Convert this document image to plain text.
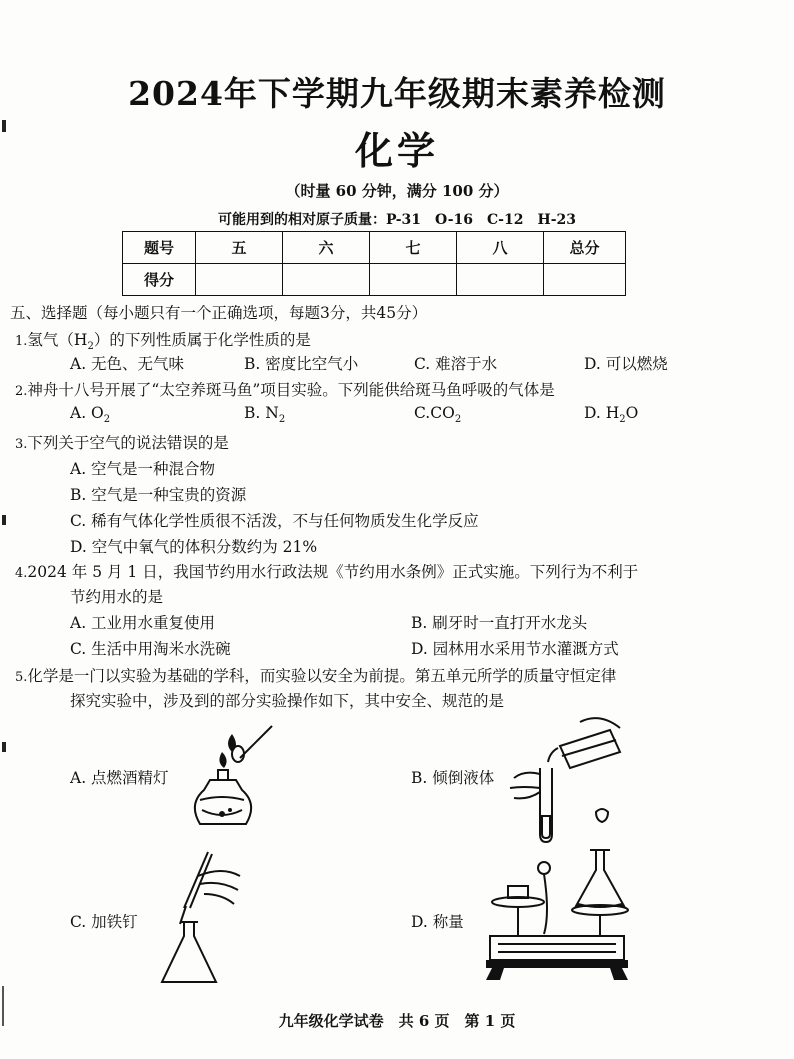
2024年下学期九年级期末素养检测
化学
（时量 60 分钟，满分 100 分）
可能用到的相对原子质量：P-31　O-16　C-12　H-23
题号	五	六	七	八	总分
得分					
五、选择题（每小题只有一个正确选项，每题3分，共45分）
1.氢气$(H_2)$的下列性质属于化学性质的是
A. 无色、无气味	B. 密度比空气小	C. 难溶于水	D. 可以燃烧
2.神舟十八号开展了“太空养斑马鱼”项目实验。下列能供给斑马鱼呼吸的气体是
A. $O_2$	B. $N_2$	$C.CO_2$	D. $H_2O$
3.下列关于空气的说法错误的是
A. 空气是一种混合物
B. 空气是一种宝贵的资源
C. 稀有气体化学性质很不活泼，不与任何物质发生化学反应
D. 空气中氧气的体积分数约为 21%
4.2024 年 5 月 1 日，我国节约用水行政法规《节约用水条例》正式实施。下列行为不利于
节约用水的是
A. 工业用水重复使用	B. 刷牙时一直打开水龙头
C. 生活中用淘米水洗碗	D. 园林用水采用节水灌溉方式
5.化学是一门以实验为基础的学科，而实验以安全为前提。第五单元所学的质量守恒定律
探究实验中，涉及到的部分实验操作如下，其中安全、规范的是
A. 点燃酒精灯	B. 倾倒液体
C. 加铁钉	D. 称量
九年级化学试卷　共 6 页　第 1 页
